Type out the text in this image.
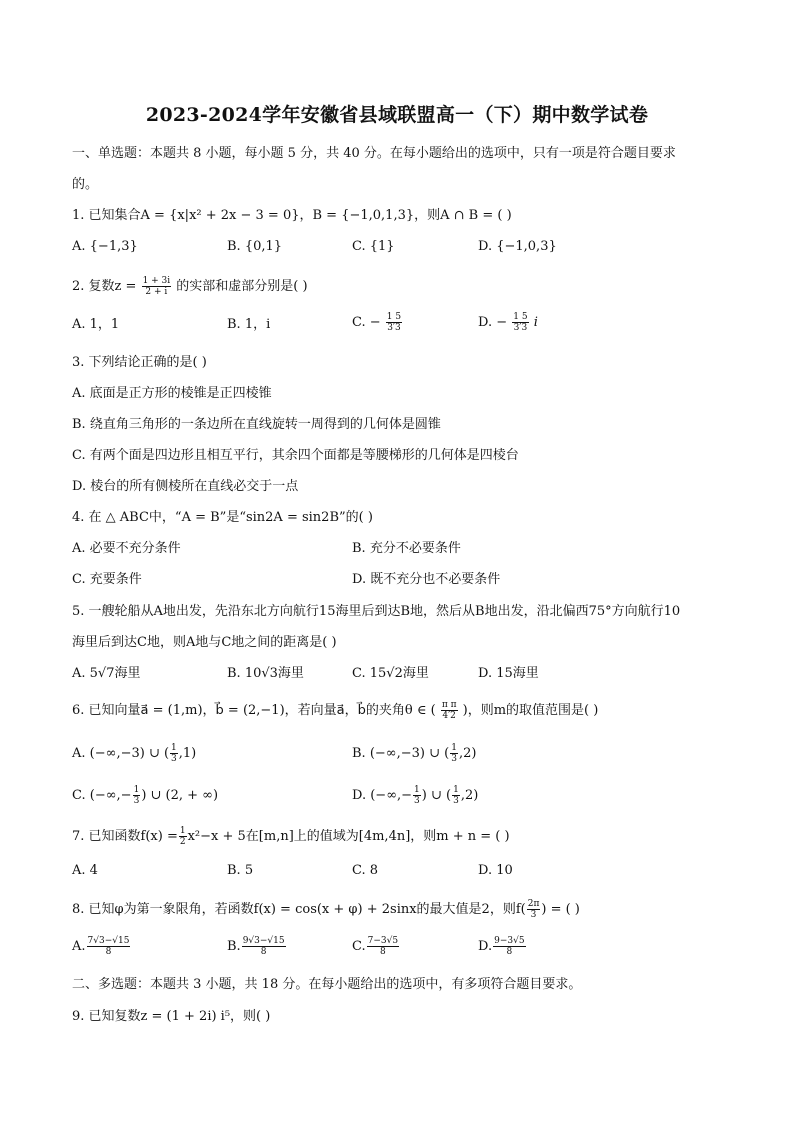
2023-2024学年安徽省县域联盟高一（下）期中数学试卷
一、单选题：本题共 8 小题，每小题 5 分，共 40 分。在每小题给出的选项中，只有一项是符合题目要求
的。
1. 已知集合A = {x|x² + 2x − 3 = 0}，B = {−1,0,1,3}，则A ∩ B = ( )
A. {−1,3}	B. {0,1}	C. {1}	D. {−1,0,3}
2. 复数$z = \frac{1 + 3i}{2 + i}$ 的实部和虚部分别是( )
A. 1，1	B. 1，i	C. − $\frac{1 5}{3'3}$	D. − $\frac{1 5}{3'3}$ i
3. 下列结论正确的是( )
A. 底面是正方形的棱锥是正四棱锥
B. 绕直角三角形的一条边所在直线旋转一周得到的几何体是圆锥
C. 有两个面是四边形且相互平行，其余四个面都是等腰梯形的几何体是四棱台
D. 棱台的所有侧棱所在直线必交于一点
4. 在 △ ABC中，“A = B”是“sin2A = sin2B”的( )
A. 必要不充分条件	B. 充分不必要条件
C. 充要条件	D. 既不充分也不必要条件
5. 一艘轮船从A地出发，先沿东北方向航行15海里后到达B地，然后从B地出发，沿北偏西75°方向航行10
海里后到达C地，则A地与C地之间的距离是( )
A. 5√7海里	B. 10√3海里	C. 15√2海里	D. 15海里
6. 已知向量a⃗ = (1,m)，b⃗ = (2,−1)，若向量a⃗，b⃗的夹角θ ∈ ( $\frac{\text{π π}}{4'2}$ )，则m的取值范围是( )
A. (−∞,−3) ∪ ( $\frac{1}{3} ,1$)	B. (−∞,−3) ∪ ( $\frac{1}{3} ,2$)
C. (−∞,− $\frac{1}{3}$ ) ∪ (2, + ∞)	D. (−∞,− $\frac{1}{3}$ ) ∪ ( $\frac{1}{3} ,2$)
7. 已知函数$f(x) = \frac{1}{2} x^2-x + 5$在[m,n]上的值域为[4m,4n]，则m + n = ( )
A. 4	B. 5	C. 8	D. 10
8. 已知φ为第一象限角，若函数f(x) = cos(x + φ) + 2sinx的最大值是2，则$f( \frac{2\pi}{3}$ ) = ( )
A. $\frac{7√3-√15}{8}$	B. $\frac{9√3-√15}{8}$	C. $\frac{7-3√5}{8}$	D. $\frac{9-3√5}{8}$
二、多选题：本题共 3 小题，共 18 分。在每小题给出的选项中，有多项符合题目要求。
9. 已知复数z = (1 + 2i) i⁵，则( )
